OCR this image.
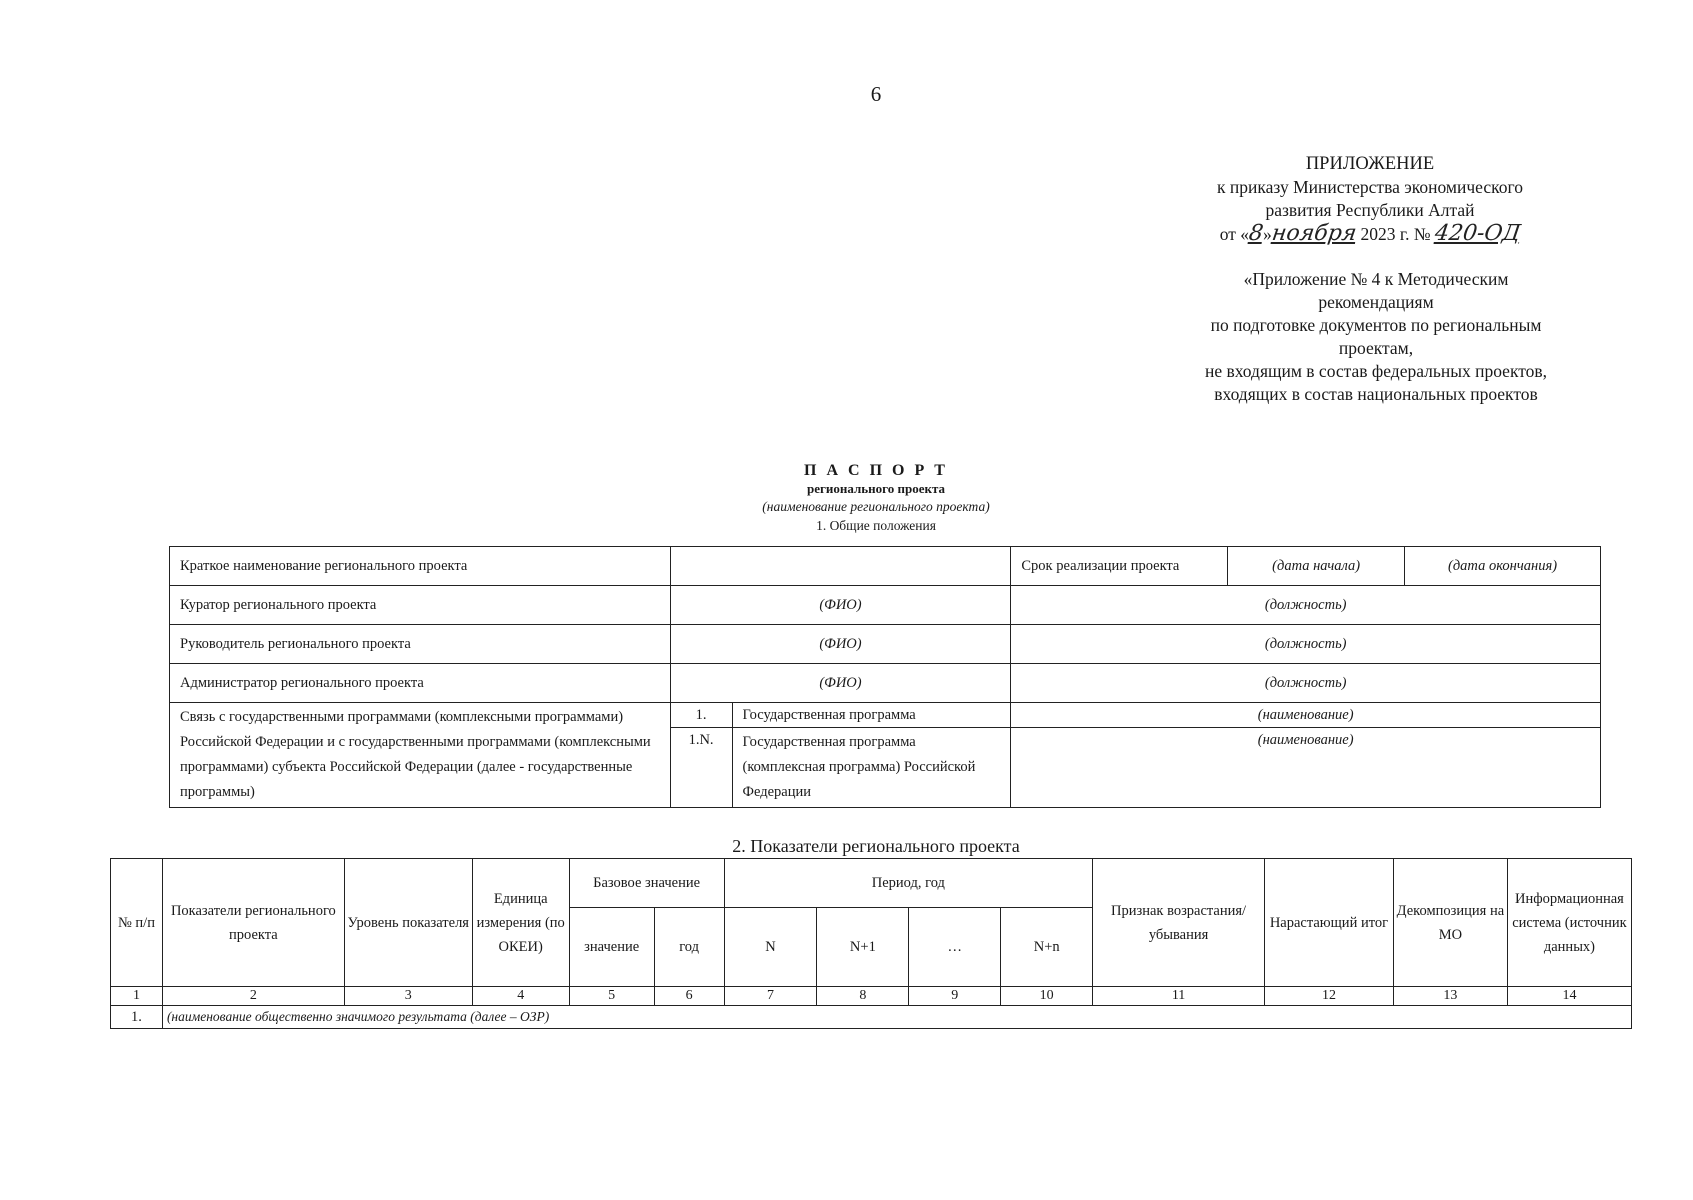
6
ПРИЛОЖЕНИЕ
к приказу Министерства экономического
развития Республики Алтай
от «8»ноября 2023 г. № 420-ОД
«Приложение № 4 к Методическим
рекомендациям
по подготовке документов по региональным
проектам,
не входящим в состав федеральных проектов,
входящих в состав национальных проектов
П А С П О Р Т
регионального проекта
(наименование регионального проекта)
1. Общие положения
Краткое наименование регионального проекта			Срок реализации проекта	(дата начала)	(дата окончания)
Куратор регионального проекта	(ФИО)		(должность)		
Руководитель регионального проекта	(ФИО)		(должность)		
Администратор регионального проекта	(ФИО)		(должность)		
Связь с государственными программами (комплексными программами) Российской Федерации и с государственными программами (комплексными программами) субъекта Российской Федерации (далее - государственные программы)	1.	Государственная программа	(наименование)		
	1.N.	Государственная программа (комплексная программа) Российской Федерации	(наименование)		
2. Показатели регионального проекта
№ п/п	Показатели регионального проекта	Уровень показателя	Единица измерения (по ОКЕИ)	Базовое значение		Период, год				Признак возрастания/убывания	Нарастающий итог	Декомпозиция на МО	Информационная система (источник данных)
				значение	год	N	N+1	…	N+n				
1	2	3	4	5	6	7	8	9	10	11	12	13	14
1.	(наименование общественно значимого результата (далее – ОЗР)												
